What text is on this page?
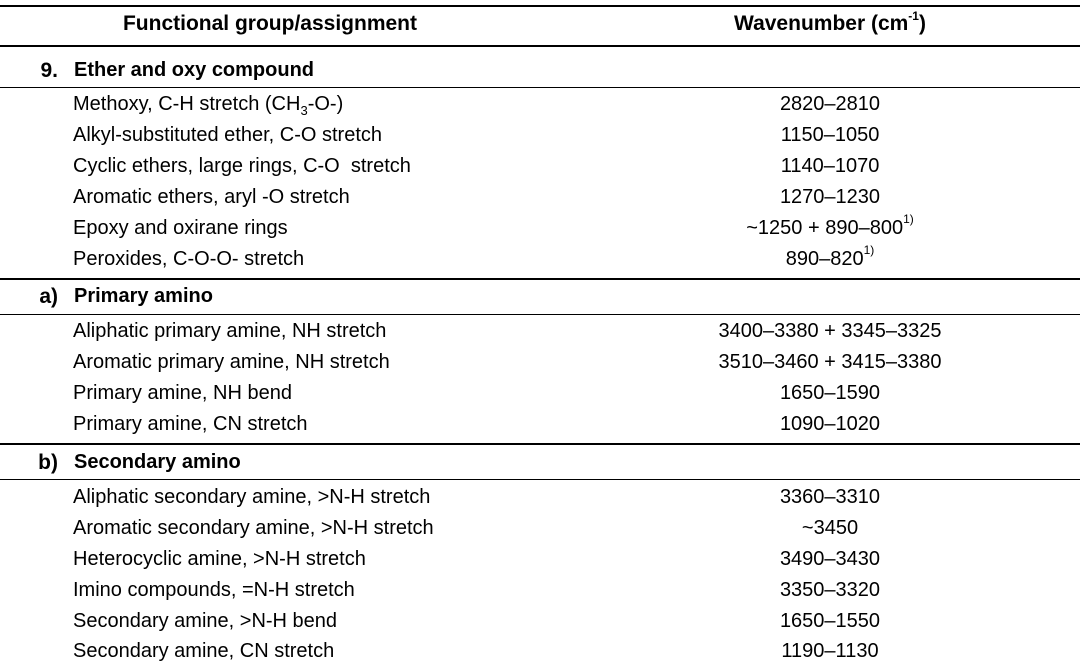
Functional group/assignment	Wavenumber $(cm^{-1})$
9. Ether and oxy compound
Methoxy, C-H stretch $(CH_3-O-)$	2820–2810
Alkyl-substituted ether, C-O stretch	1150–1050
Cyclic ethers, large rings, C-O  stretch	1140–1070
Aromatic ethers, aryl -O stretch	1270–1230
Epoxy and oxirane rings	~1250 + $890-800^{1)}$
Peroxides, C-O-O- stretch	890–820$^{1)}$
a) Primary amino
Aliphatic primary amine, NH stretch	3400–3380 + 3345–3325
Aromatic primary amine, NH stretch	3510–3460 + 3415–3380
Primary amine, NH bend	1650–1590
Primary amine, CN stretch	1090–1020
b) Secondary amino
Aliphatic secondary amine, >N-H stretch	3360–3310
Aromatic secondary amine, >N-H stretch	~3450
Heterocyclic amine, >N-H stretch	3490–3430
Imino compounds, =N-H stretch	3350–3320
Secondary amine, >N-H bend	1650–1550
Secondary amine, CN stretch	1190–1130
